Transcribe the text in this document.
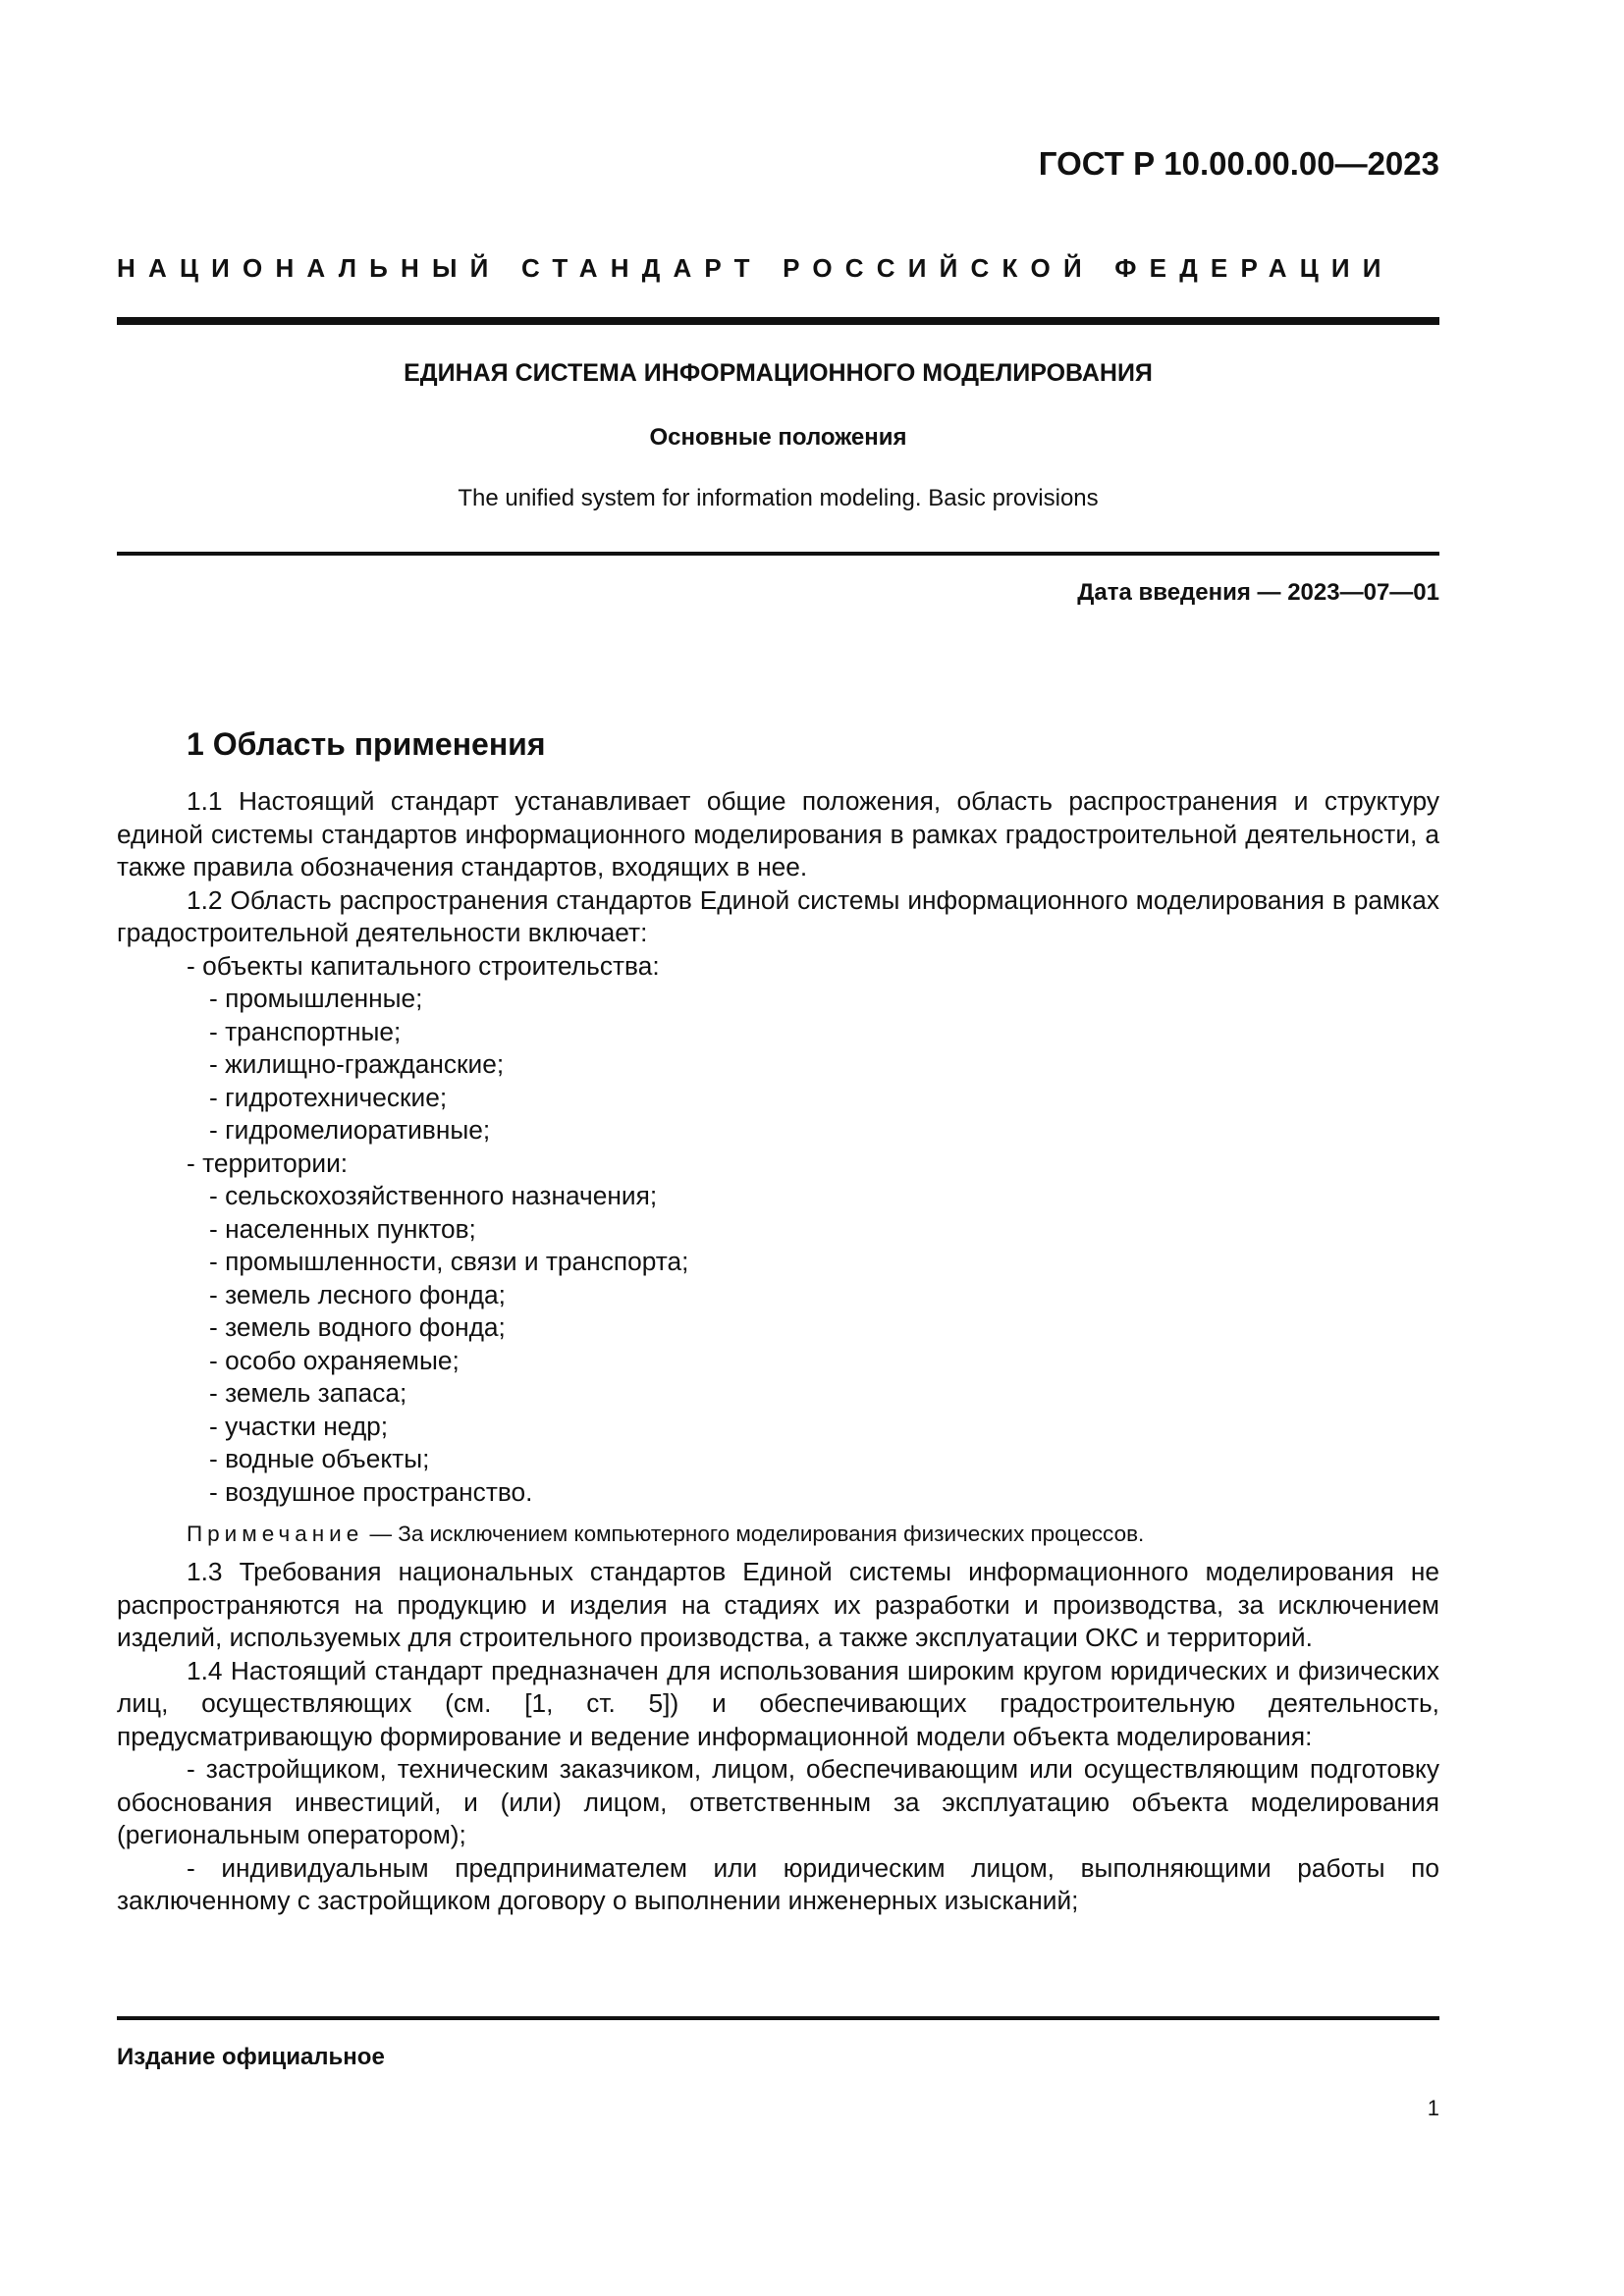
ГОСТ Р 10.00.00.00—2023
НАЦИОНАЛЬНЫЙ СТАНДАРТ РОССИЙСКОЙ ФЕДЕРАЦИИ
ЕДИНАЯ СИСТЕМА ИНФОРМАЦИОННОГО МОДЕЛИРОВАНИЯ
Основные положения
The unified system for information modeling. Basic provisions
Дата введения — 2023—07—01
1 Область применения

1.1 Настоящий стандарт устанавливает общие положения, область распространения и структуру единой системы стандартов информационного моделирования в рамках градостроительной деятельности, а также правила обозначения стандартов, входящих в нее.

1.2 Область распространения стандартов Единой системы информационного моделирования в рамках градостроительной деятельности включает:

- объекты капитального строительства:
- промышленные;
- транспортные;
- жилищно-гражданские;
- гидротехнические;
- гидромелиоративные;
- территории:
- сельскохозяйственного назначения;
- населенных пунктов;
- промышленности, связи и транспорта;
- земель лесного фонда;
- земель водного фонда;
- особо охраняемые;
- земель запаса;
- участки недр;
- водные объекты;
- воздушное пространство.
Примечание — За исключением компьютерного моделирования физических процессов.

1.3 Требования национальных стандартов Единой системы информационного моделирования не распространяются на продукцию и изделия на стадиях их разработки и производства, за исключением изделий, используемых для строительного производства, а также эксплуатации ОКС и территорий.

1.4 Настоящий стандарт предназначен для использования широким кругом юридических и физических лиц, осуществляющих (см. [1, ст. 5]) и обеспечивающих градостроительную деятельность, предусматривающую формирование и ведение информационной модели объекта моделирования:

- застройщиком, техническим заказчиком, лицом, обеспечивающим или осуществляющим подготовку обоснования инвестиций, и (или) лицом, ответственным за эксплуатацию объекта моделирования (региональным оператором);

- индивидуальным предпринимателем или юридическим лицом, выполняющими работы по заключенному с застройщиком договору о выполнении инженерных изысканий;

Издание официальное
1
